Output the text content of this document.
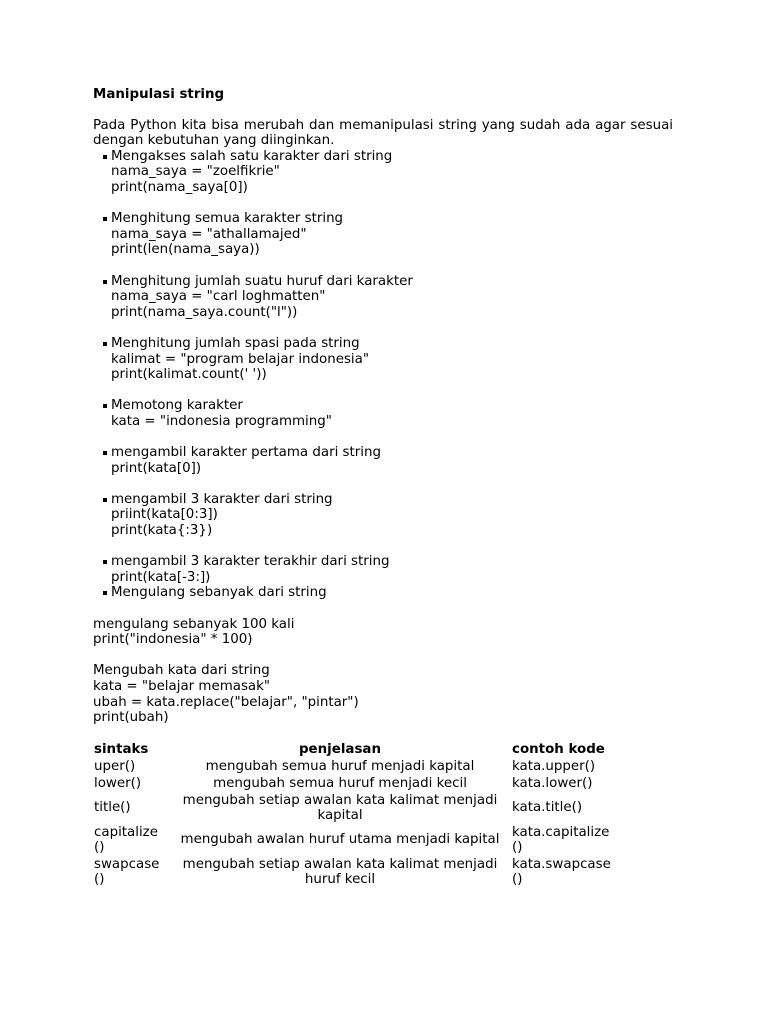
Manipulasi string

Pada Python kita bisa merubah dan memanipulasi string yang sudah ada agar sesuai dengan kebutuhan yang diinginkan.

Mengakses salah satu karakter dari string
nama_saya = "zoelfikrie"
print(nama_saya[0])
Menghitung semua karakter string
nama_saya = "athallamajed"
print(len(nama_saya))
Menghitung jumlah suatu huruf dari karakter
nama_saya = "carl loghmatten"
print(nama_saya.count("l"))
Menghitung jumlah spasi pada string
kalimat = "program belajar indonesia"
print(kalimat.count(' '))
Memotong karakter
kata = "indonesia programming"
mengambil karakter pertama dari string
print(kata[0])
mengambil 3 karakter dari string
priint(kata[0:3])
print(kata{:3})
mengambil 3 karakter terakhir dari string
print(kata[-3:])
Mengulang sebanyak dari string
mengulang sebanyak 100 kali
print("indonesia" * 100)
Mengubah kata dari string
kata = "belajar memasak"
ubah = kata.replace("belajar", "pintar")
print(ubah)
sintaks	penjelasan	contoh kode
uper()	mengubah semua huruf menjadi kapital	kata.upper()
lower()	mengubah semua huruf menjadi kecil	kata.lower()
title()	mengubah setiap awalan kata kalimat menjadi kapital	kata.title()
capitalize()	mengubah awalan huruf utama menjadi kapital	kata.capitalize()
swapcase()	mengubah setiap awalan kata kalimat menjadi huruf kecil	kata.swapcase()
